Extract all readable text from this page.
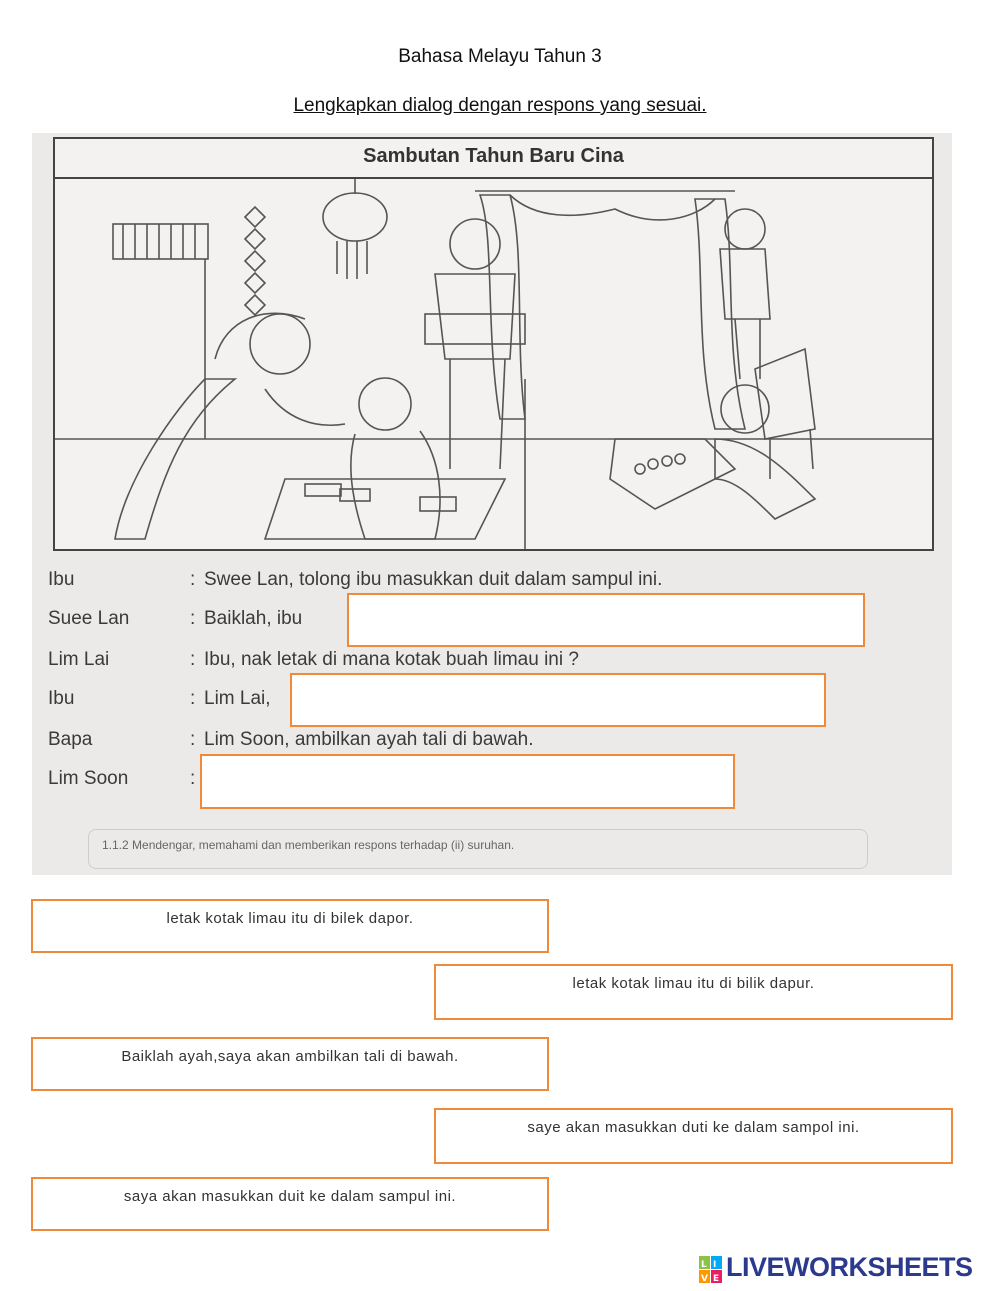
Bahasa Melayu Tahun 3
Lengkapkan dialog dengan respons yang sesuai.
Sambutan Tahun Baru Cina
Ibu	: Swee Lan, tolong ibu masukkan duit dalam sampul ini.
Suee Lan	: Baiklah, ibu
Lim Lai	: Ibu, nak letak di mana kotak buah limau ini ?
Ibu	: Lim Lai,
Bapa	: Lim Soon, ambilkan ayah tali di bawah.
Lim Soon	:
1.1.2 Mendengar, memahami dan memberikan respons terhadap (ii) suruhan.
letak kotak limau itu di bilek dapor.
letak kotak limau itu di bilik dapur.
Baiklah ayah,saya akan ambilkan tali di bawah.
saye akan masukkan duti ke dalam sampol ini.
saya akan masukkan duit ke dalam sampul ini.
L I
V E LIVEWORKSHEETS
